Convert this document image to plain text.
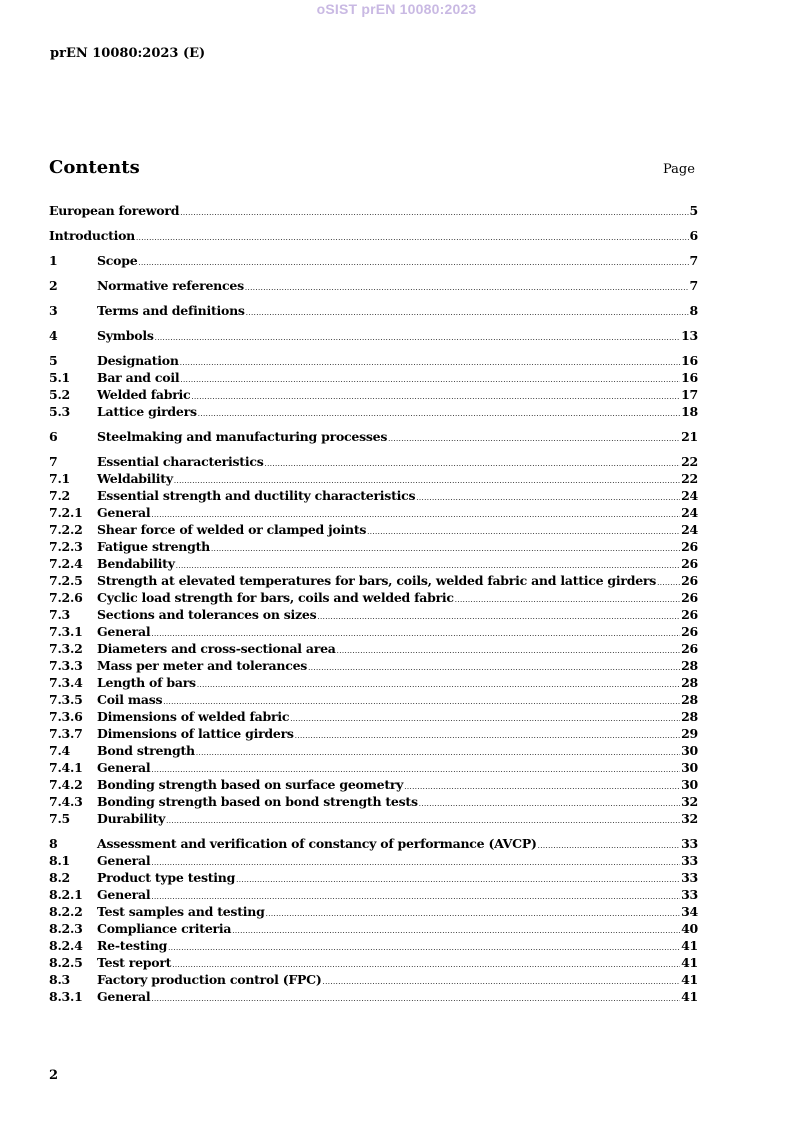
oSIST prEN 10080:2023
prEN 10080:2023 (E)
Contents	Page
European foreword .....	5
Introduction .....	6
1	Scope .....	7
2	Normative references .....	7
3	Terms and definitions .....	8
4	Symbols .....	13
5	Designation .....	16
5.1	Bar and coil .....	16
5.2	Welded fabric .....	17
5.3	Lattice girders .....	18
6	Steelmaking and manufacturing processes .....	21
7	Essential characteristics .....	22
7.1	Weldability .....	22
7.2	Essential strength and ductility characteristics .....	24
7.2.1	General .....	24
7.2.2	Shear force of welded or clamped joints .....	24
7.2.3	Fatigue strength .....	26
7.2.4	Bendability .....	26
7.2.5	Strength at elevated temperatures for bars, coils, welded fabric and lattice girders ..... 26
7.2.6	Cyclic load strength for bars, coils and welded fabric .....	26
7.3	Sections and tolerances on sizes .....	26
7.3.1	General .....	26
7.3.2	Diameters and cross-sectional area .....	26
7.3.3	Mass per meter and tolerances .....	28
7.3.4	Length of bars .....	28
7.3.5	Coil mass .....	28
7.3.6	Dimensions of welded fabric .....	28
7.3.7	Dimensions of lattice girders .....	29
7.4	Bond strength .....	30
7.4.1	General .....	30
7.4.2	Bonding strength based on surface geometry .....	30
7.4.3	Bonding strength based on bond strength tests .....	32
7.5	Durability .....	32
8	Assessment and verification of constancy of performance (AVCP) .....	33
8.1	General .....	33
8.2	Product type testing .....	33
8.2.1	General .....	33
8.2.2	Test samples and testing .....	34
8.2.3	Compliance criteria .....	40
8.2.4	Re-testing .....	41
8.2.5	Test report .....	41
8.3	Factory production control (FPC) .....	41
8.3.1	General .....	41
2
